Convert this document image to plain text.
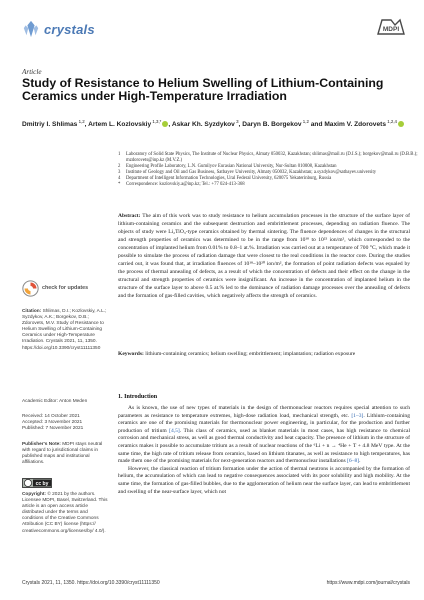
crystals	MDPI
Article
Study of Resistance to Helium Swelling of Lithium-Containing Ceramics under High-Temperature Irradiation
Dmitriy I. Shlimas $^{1,2}$, Artem L. Kozlovskiy $^{1,3,*}$ , Askar Kh. Syzdykov $^3$, Daryn B. Borgekov $^{1,2}$ and Maxim V. Zdorovets $^{1,2,4}$
1	Laboratory of Solid State Physics, The Institute of Nuclear Physics, Almaty 050032, Kazakhstan; shlimas@mail.ru (D.I.S.); borgekov@mail.ru (D.B.B.); mzdorovets@inp.kz (M.V.Z.)
2	Engineering Profile Laboratory, L.N. Gumilyov Eurasian National University, Nur-Sultan 010008, Kazakhstan
3	Institute of Geology and Oil and Gas Business, Satbayev University, Almaty 050032, Kazakhstan; a.syzdykov@satbayev.university
4	Department of Intelligent Information Technologies, Ural Federal University, 620075 Yekaterinburg, Russia
*	Correspondence: kozlovskiy.a@inp.kz; Tel.: +77 024-413-368
Abstract: The aim of this work was to study resistance to helium accumulation processes in the structure of the surface layer of lithium-containing ceramics and the subsequent destruction and embrittlement processes, depending on radiation fluence. The objects of study were Li₂TiO₃-type ceramics obtained by thermal sintering. The fluence dependences of changes in the structural and strength properties of ceramics was determined to be in the range from 10¹⁸ to 10²² ion/m², which corresponded to the concentration of implanted helium from 0.01% to 0.8–1 at.%. Irradiation was carried out at a temperature of 700 °C, which made it possible to simulate the process of radiation damage that were closest to the real conditions in the reactor core. During the studies carried out, it was found that, at irradiation fluences of 10¹⁸–10²⁰ ion/m², the formation of point radiation defects was equaled by the process of thermal annealing of defects, as a result of which the concentration of defects and their effect on the change in the structural and strength properties of ceramics were insignificant. An increase in the concentration of implanted helium in the structure of the surface layer to above 0.5 at.% led to the dominance of radiation damage processes over the annealing of defects and the formation of gas-filled cavities, which negatively affects the strength of ceramics.
Keywords: lithium-containing ceramics; helium swelling; embrittlement; implantation; radiation exposure
check for updates
Citation: Shlimas, D.I.; Kozlovskiy, A.L.; Syzdykov, A.K.; Borgekov, D.B.; Zdorovets, M.V. Study of Resistance to Helium Swelling of Lithium-Containing Ceramics under High-Temperature Irradiation. Crystals 2021, 11, 1350. https://doi.org/10.3390/cryst11111350
Academic Editor: Anton Meden
Received: 14 October 2021
Accepted: 3 November 2021
Published: 7 November 2021
Publisher's Note: MDPI stays neutral with regard to jurisdictional claims in published maps and institutional affiliations.
cc by
Copyright: © 2021 by the authors. Licensee MDPI, Basel, Switzerland. This article is an open access article distributed under the terms and conditions of the Creative Commons Attribution (CC BY) license (https:// creativecommons.org/licenses/by/ 4.0/).
1. Introduction

As is known, the use of new types of materials in the design of thermonuclear reactors requires special attention to such parameters as resistance to temperature extremes, high-dose radiation load, mechanical strength, etc. [1–3]. Lithium-containing ceramics are one of the promising materials for thermonuclear power engineering, in particular, for the production and further production of tritium [4,5]. This class of ceramics, used as blanket materials in most cases, has high resistance to chemical corrosion and mechanical stress, as well as good thermal conductivity and heat capacity. The presence of lithium in the structure of ceramics makes it possible to accumulate tritium as a result of nuclear reactions of the ⁶Li + n → ⁴He + T + 4.8 MeV type. At the same time, the high rate of tritium release from ceramics, based on lithium titanates, as well as resistance to high temperatures, has made them one of the promising materials for next-generation reactors and thermonuclear installations [6–8].

However, the classical reaction of tritium formation under the action of thermal neutrons is accompanied by the formation of helium, the accumulation of which can lead to negative consequences associated with its poor solubility and high mobility. At the same time, the formation of gas-filled bubbles, due to the agglomeration of helium near the surface layer, can lead to embrittlement and swelling of the near-surface layer, which not

Crystals 2021, 11, 1350. https://doi.org/10.3390/cryst11111350	https://www.mdpi.com/journal/crystals
